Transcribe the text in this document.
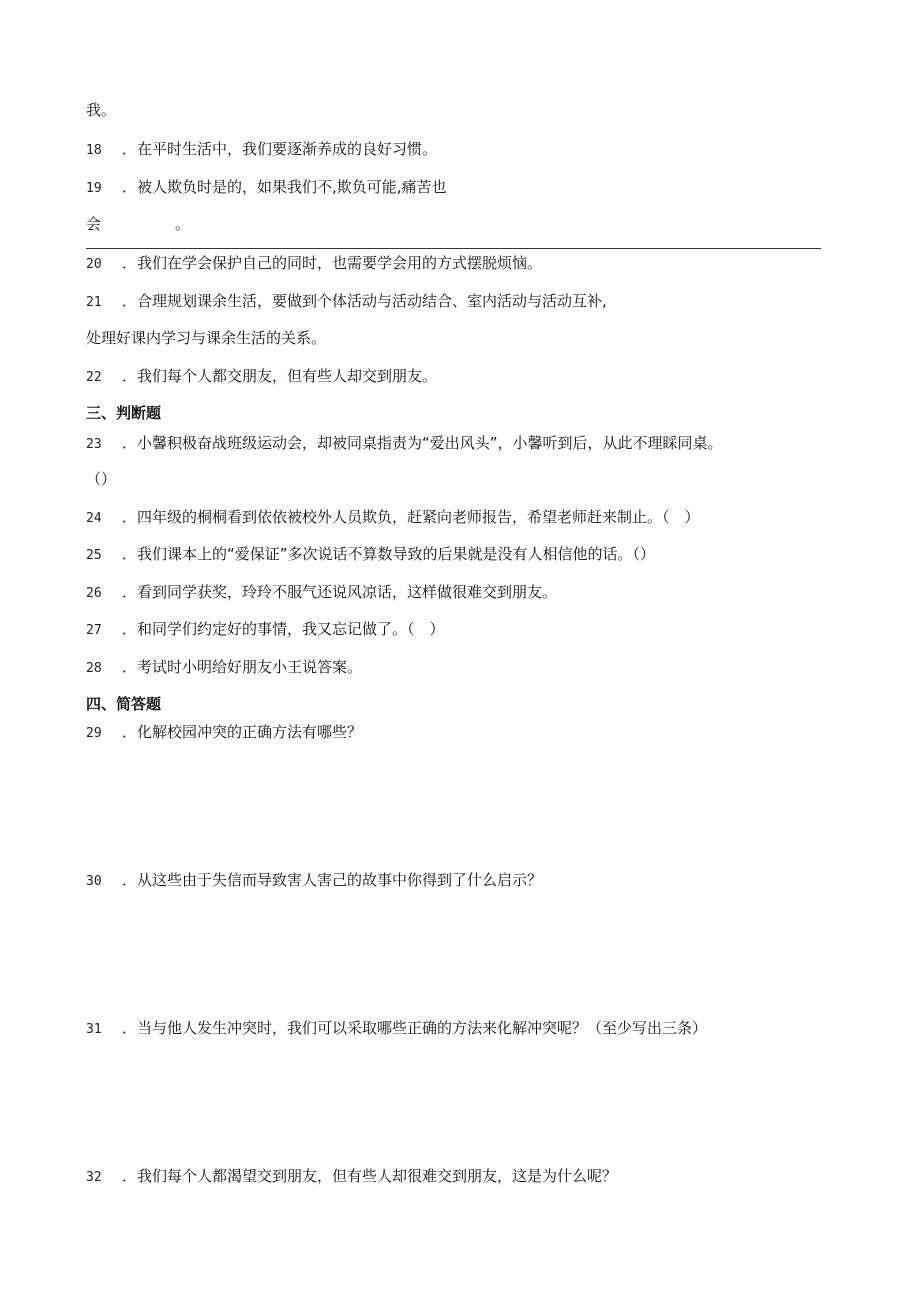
我。
18 ．在平时生活中，我们要逐渐养成的良好习惯。
19 ．被人欺负时是的，如果我们不,欺负可能,痛苦也
会	。
20 ．我们在学会保护自己的同时，也需要学会用的方式摆脱烦恼。
21 ．合理规划课余生活，要做到个体活动与活动结合、室内活动与活动互补,
处理好课内学习与课余生活的关系。
22 ．我们每个人都交朋友，但有些人却交到朋友。
三、判断题
23 ．小馨积极奋战班级运动会，却被同桌指责为“爱出风头”，小馨听到后，从此不理睬同桌。
（）
24 ．四年级的桐桐看到依依被校外人员欺负，赶紧向老师报告，希望老师赶来制止。（　）
25 ．我们课本上的“爱保证”多次说话不算数导致的后果就是没有人相信他的话。（）
26 ．看到同学获奖，玲玲不服气还说风凉话，这样做很难交到朋友。
27 ．和同学们约定好的事情，我又忘记做了。（　）
28 ．考试时小明给好朋友小王说答案。
四、简答题
29 ．化解校园冲突的正确方法有哪些？
30 ．从这些由于失信而导致害人害己的故事中你得到了什么启示？
31 ．当与他人发生冲突时，我们可以采取哪些正确的方法来化解冲突呢？（至少写出三条）
32 ．我们每个人都渴望交到朋友，但有些人却很难交到朋友，这是为什么呢？
